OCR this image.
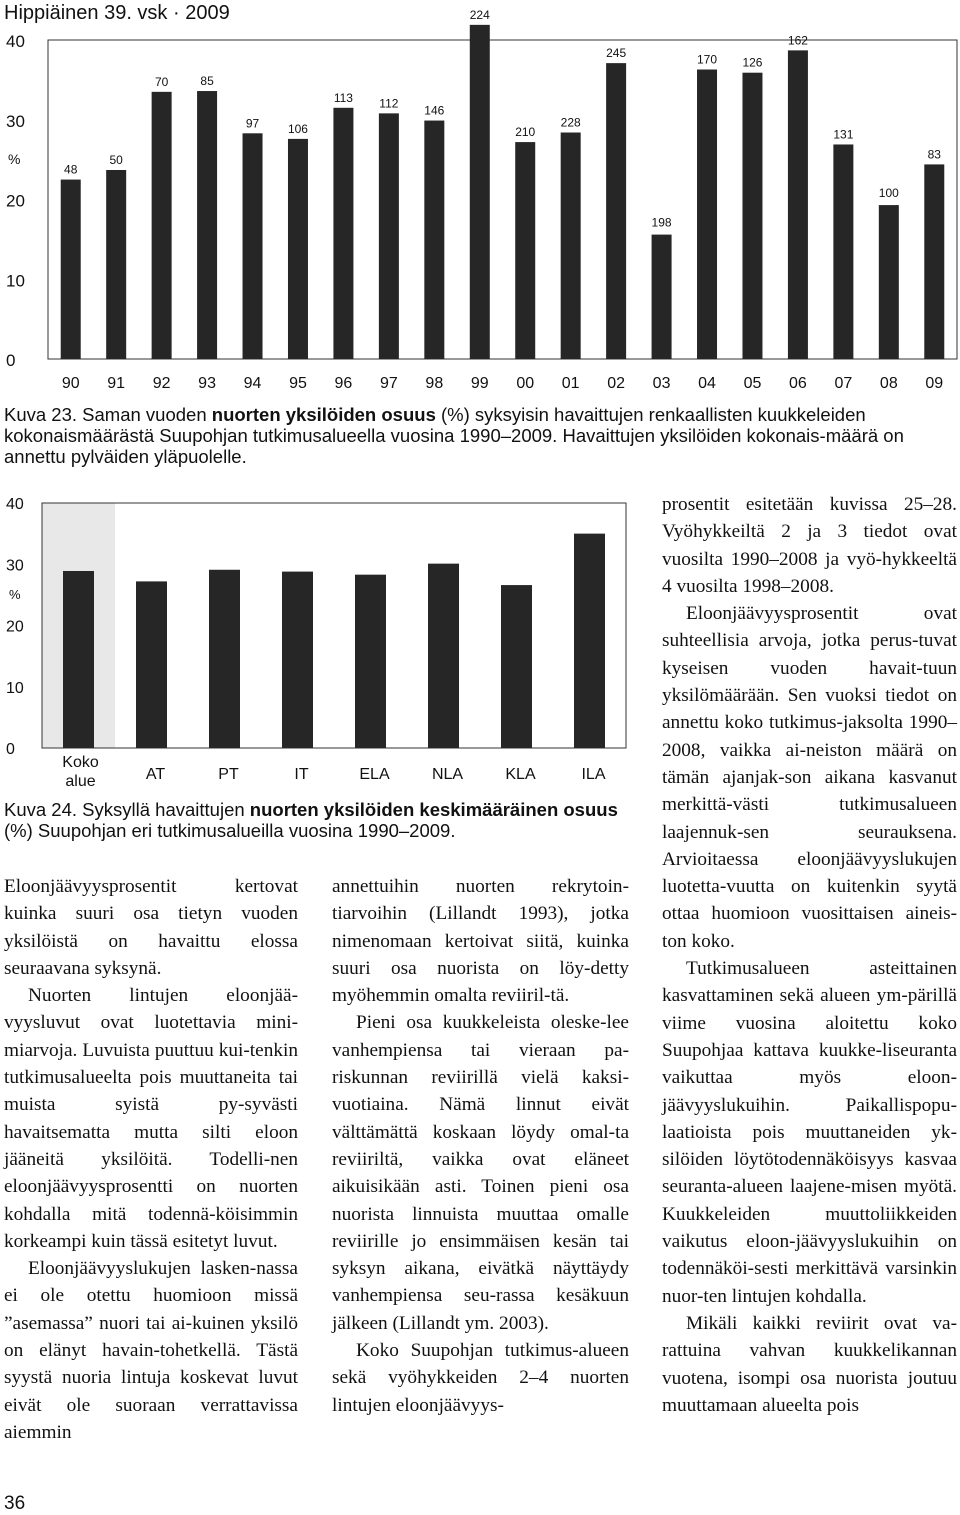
Hippiäinen 39. vsk · 2009
0
10
20
30
40
%
48
90
50
91
70
92
85
93
97
94
106
95
113
96
112
97
146
98
224
99
210
00
228
01
245
02
198
03
170
04
126
05
162
06
131
07
100
08
83
09
Kuva 23. Saman vuoden nuorten yksilöiden osuus (%) syksyisin havaittujen renkaallisten kuukkeleiden kokonaismäärästä Suupohjan tutkimusalueella vuosina 1990–2009. Havaittujen yksilöiden kokonais-määrä on annettu pylväiden yläpuolelle.
0
10
20
30
40
%
Koko
alue	AT	PT	IT	ELA	NLA	KLA	ILA
Kuva 24. Syksyllä havaittujen nuorten yksilöiden keskimääräinen osuus (%) Suupohjan eri tutkimusalueilla vuosina 1990–2009.

Eloonjäävyysprosentit kertovat kuinka suuri osa tietyn vuoden yksilöistä on havaittu elossa seuraavana syksynä.

Nuorten lintujen eloonjää-vyysluvut ovat luotettavia mini-miarvoja. Luvuista puuttuu kui-tenkin tutkimusalueelta pois muuttaneita tai muista syistä py-syvästi havaitsematta mutta silti eloon jääneitä yksilöitä. Todelli-nen eloonjäävyysprosentti on nuorten kohdalla mitä todennä-köisimmin korkeampi kuin tässä esitetyt luvut.

Eloonjäävyyslukujen lasken-nassa ei ole otettu huomioon missä ”asemassa” nuori tai ai-kuinen yksilö on elänyt havain-tohetkellä. Tästä syystä nuoria lintuja koskevat luvut eivät ole suoraan verrattavissa aiemmin

annettuihin nuorten rekrytoin-tiarvoihin (Lillandt 1993), jotka nimenomaan kertoivat siitä, kuinka suuri osa nuorista on löy-detty myöhemmin omalta reviiril-tä.

Pieni osa kuukkeleista oleske-lee vanhempiensa tai vieraan pa-riskunnan reviirillä vielä kaksi-vuotiaina. Nämä linnut eivät välttämättä koskaan löydy omal-ta reviiriltä, vaikka ovat eläneet aikuisikään asti. Toinen pieni osa nuorista linnuista muuttaa omalle reviirille jo ensimmäisen kesän tai syksyn aikana, eivätkä näyttäydy vanhempiensa seu-rassa kesäkuun jälkeen (Lillandt ym. 2003).

Koko Suupohjan tutkimus-alueen sekä vyöhykkeiden 2–4 nuorten lintujen eloonjäävyys-

prosentit esitetään kuvissa 25–28. Vyöhykkeiltä 2 ja 3 tiedot ovat vuosilta 1990–2008 ja vyö-hykkeeltä 4 vuosilta 1998–2008.

Eloonjäävyysprosentit ovat suhteellisia arvoja, jotka perus-tuvat kyseisen vuoden havait-tuun yksilömäärään. Sen vuoksi tiedot on annettu koko tutkimus-jaksolta 1990–2008, vaikka ai-neiston määrä on tämän ajanjak-son aikana kasvanut merkittä-västi tutkimusalueen laajennuk-sen seurauksena. Arvioitaessa eloonjäävyyslukujen luotetta-vuutta on kuitenkin syytä ottaa huomioon vuosittaisen aineis-ton koko.

Tutkimusalueen asteittainen kasvattaminen sekä alueen ym-pärillä viime vuosina aloitettu koko Suupohjaa kattava kuukke-liseuranta vaikuttaa myös eloon-jäävyyslukuihin. Paikallispopu-laatioista pois muuttaneiden yk-silöiden löytötodennäköisyys kasvaa seuranta-alueen laajene-misen myötä. Kuukkeleiden muuttoliikkeiden vaikutus eloon-jäävyyslukuihin on todennäköi-sesti merkittävä varsinkin nuor-ten lintujen kohdalla.

Mikäli kaikki reviirit ovat va-rattuina vahvan kuukkelikannan vuotena, isompi osa nuorista joutuu muuttamaan alueelta pois

36
